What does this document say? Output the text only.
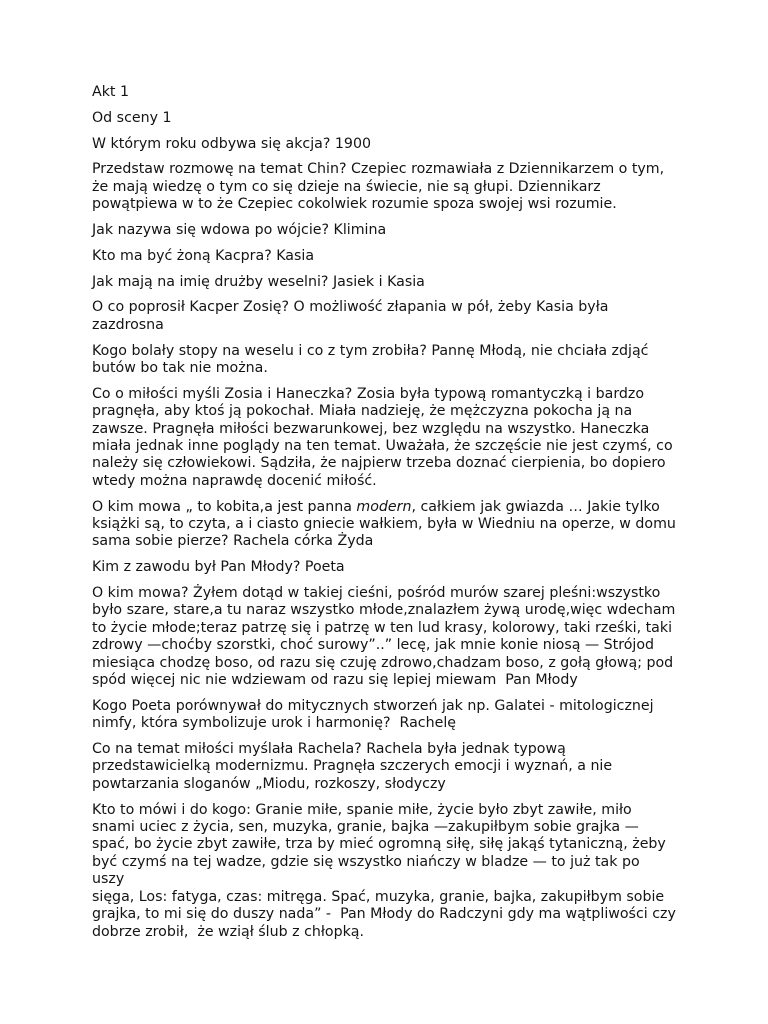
Akt 1

Od sceny 1

W którym roku odbywa się akcja? 1900

Przedstaw rozmowę na temat Chin? Czepiec rozmawiała z Dziennikarzem o tym,
że mają wiedzę o tym co się dzieje na świecie, nie są głupi. Dziennikarz
powątpiewa w to że Czepiec cokolwiek rozumie spoza swojej wsi rozumie.

Jak nazywa się wdowa po wójcie? Klimina

Kto ma być żoną Kacpra? Kasia

Jak mają na imię drużby weselni? Jasiek i Kasia

O co poprosił Kacper Zosię? O możliwość złapania w pół, żeby Kasia była
zazdrosna

Kogo bolały stopy na weselu i co z tym zrobiła? Pannę Młodą, nie chciała zdjąć
butów bo tak nie można.

Co o miłości myśli Zosia i Haneczka? Zosia była typową romantyczką i bardzo
pragnęła, aby ktoś ją pokochał. Miała nadzieję, że mężczyzna pokocha ją na
zawsze. Pragnęła miłości bezwarunkowej, bez względu na wszystko. Haneczka
miała jednak inne poglądy na ten temat. Uważała, że szczęście nie jest czymś, co
należy się człowiekowi. Sądziła, że najpierw trzeba doznać cierpienia, bo dopiero
wtedy można naprawdę docenić miłość.

O kim mowa „ to kobita,a jest panna modern, całkiem jak gwiazda … Jakie tylko
książki są, to czyta, a i ciasto gniecie wałkiem, była w Wiedniu na operze, w domu
sama sobie pierze? Rachela córka Żyda

Kim z zawodu był Pan Młody? Poeta

O kim mowa? Żyłem dotąd w takiej cieśni, pośród murów szarej pleśni:wszystko
było szare, stare,a tu naraz wszystko młode,znalazłem żywą urodę,więc wdecham
to życie młode;teraz patrzę się i patrzę w ten lud krasy, kolorowy, taki rześki, taki
zdrowy —choćby szorstki, choć surowy”..” lecę, jak mnie konie niosą — Strójod
miesiąca chodzę boso, od razu się czuję zdrowo,chadzam boso, z gołą głową; pod
spód więcej nic nie wdziewam od razu się lepiej miewam  Pan Młody

Kogo Poeta porównywał do mitycznych stworzeń jak np. Galatei - mitologicznej
nimfy, która symbolizuje urok i harmonię?  Rachelę

Co na temat miłości myślała Rachela? Rachela była jednak typową
przedstawicielką modernizmu. Pragnęła szczerych emocji i wyznań, a nie
powtarzania sloganów „Miodu, rozkoszy, słodyczy

Kto to mówi i do kogo: Granie miłe, spanie miłe, życie było zbyt zawiłe, miło
snami uciec z życia, sen, muzyka, granie, bajka —zakupiłbym sobie grajka —
spać, bo życie zbyt zawiłe, trza by mieć ogromną siłę, siłę jakąś tytaniczną, żeby
być czymś na tej wadze, gdzie się wszystko niańczy w bladze — to już tak po uszy
sięga, Los: fatyga, czas: mitręga. Spać, muzyka, granie, bajka, zakupiłbym sobie
grajka, to mi się do duszy nada” -  Pan Młody do Radczyni gdy ma wątpliwości czy
dobrze zrobił,  że wziął ślub z chłopką.
